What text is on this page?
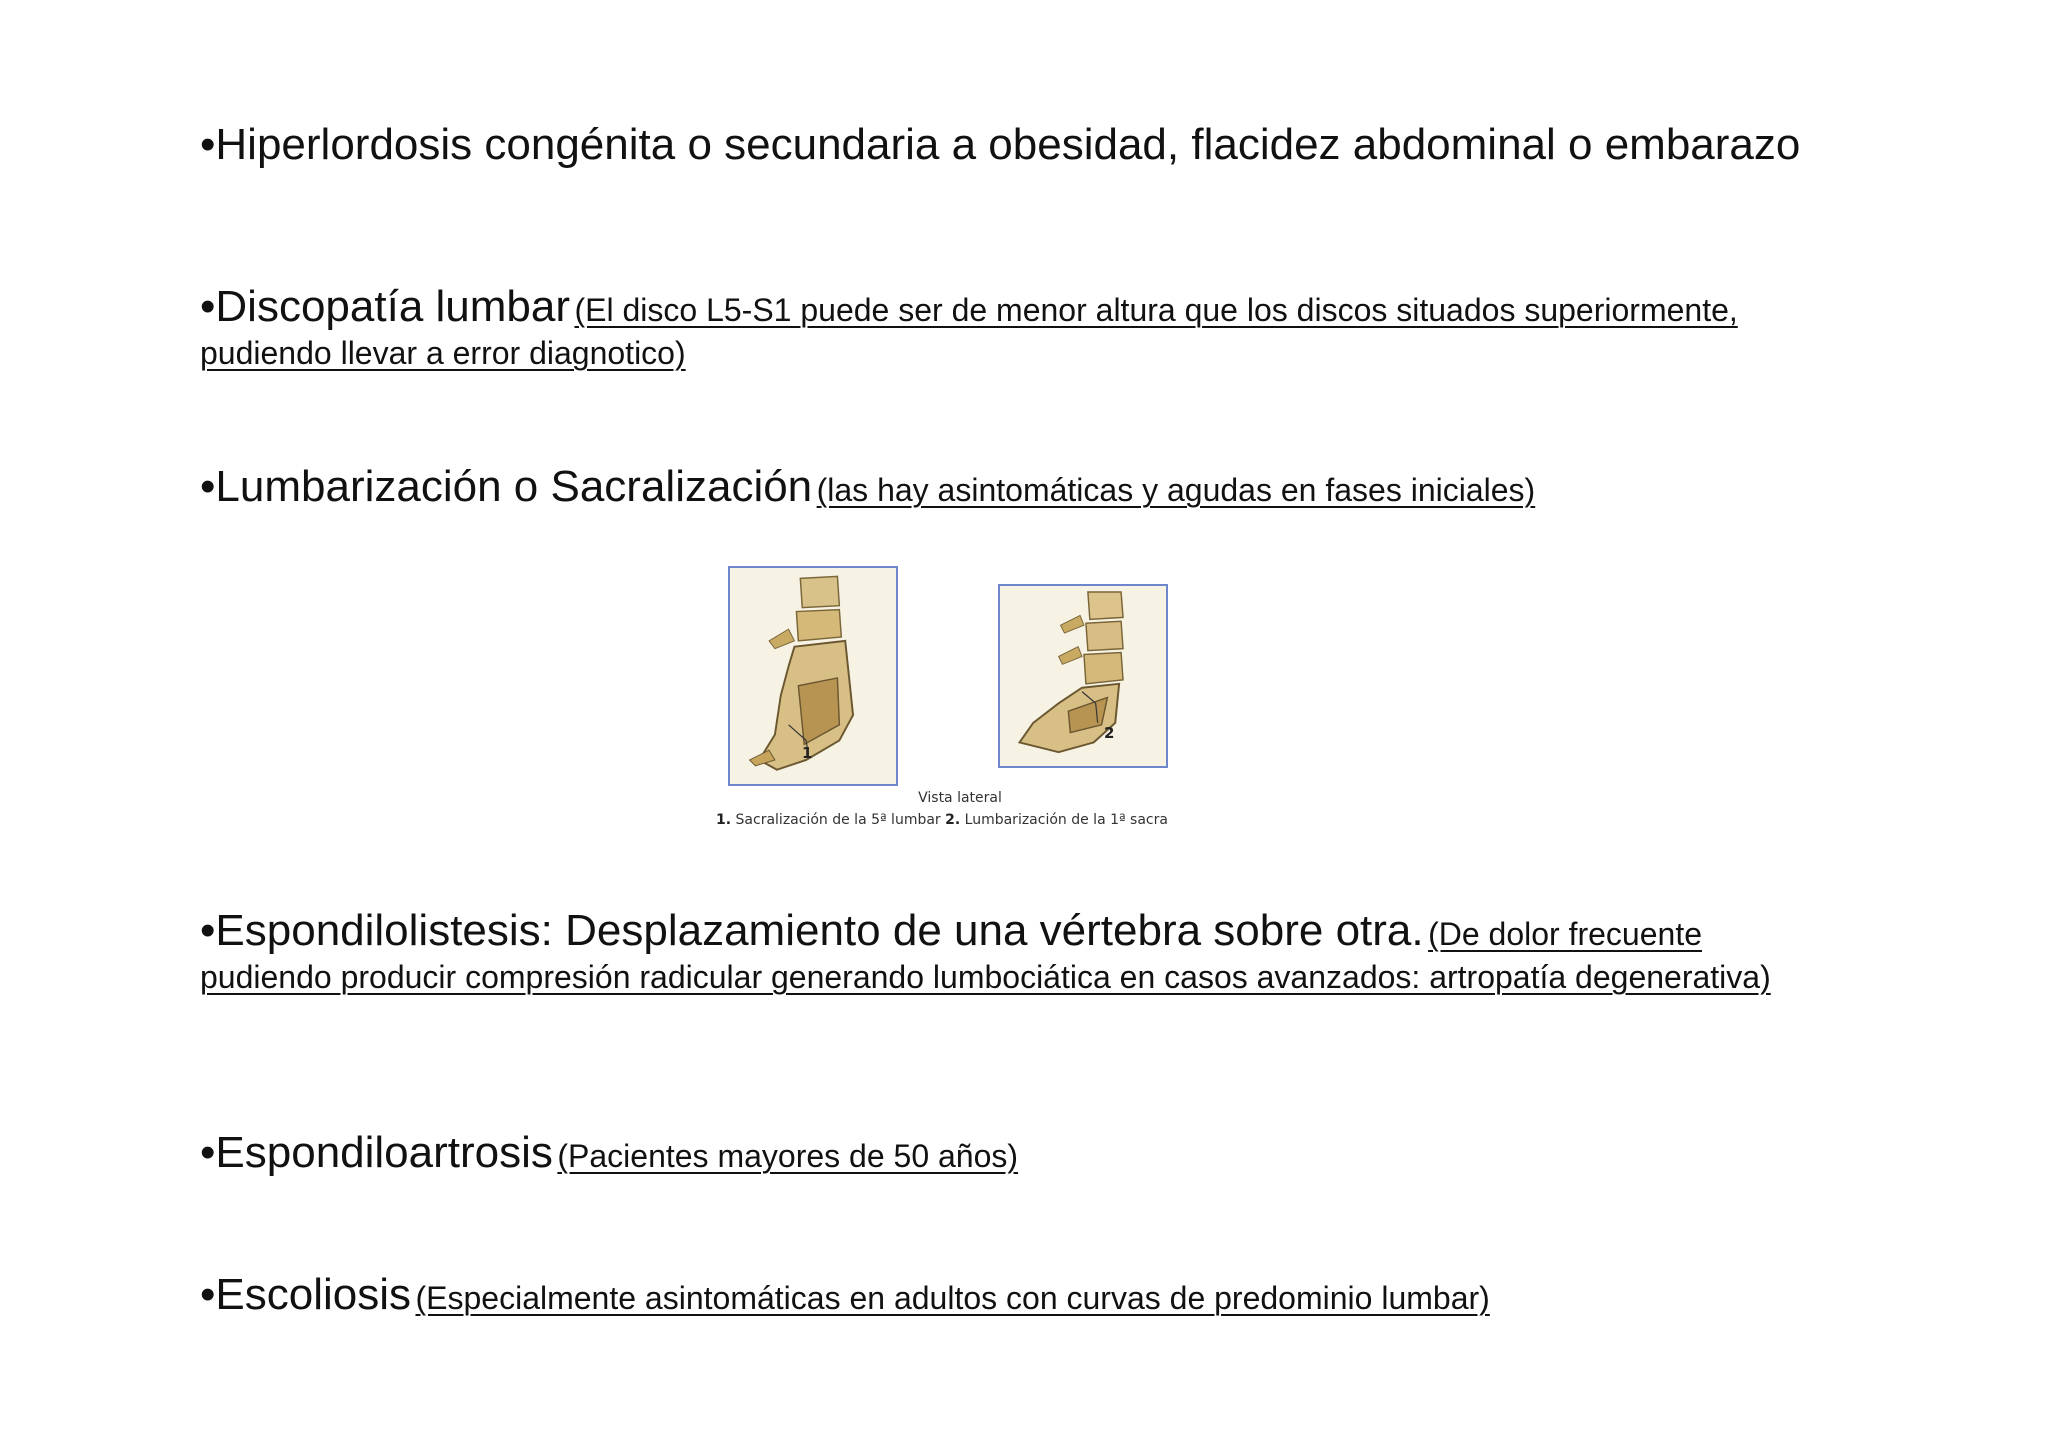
•Hiperlordosis congénita o secundaria a obesidad, flacidez abdominal o embarazo
•Discopatía lumbar (El disco L5-S1 puede ser de menor altura que los discos situados superiormente, pudiendo llevar a error diagnotico)
•Lumbarización o Sacralización (las hay asintomáticas y agudas en fases iniciales)
1
2
Vista lateral
1. Sacralización de la 5ª lumbar 2. Lumbarización de la 1ª sacra
•Espondilolistesis: Desplazamiento de una vértebra sobre otra. (De dolor frecuente pudiendo producir compresión radicular generando lumbociática en casos avanzados: artropatía degenerativa)
•Espondiloartrosis (Pacientes mayores de 50 años)
•Escoliosis (Especialmente asintomáticas en adultos con curvas de predominio lumbar)
